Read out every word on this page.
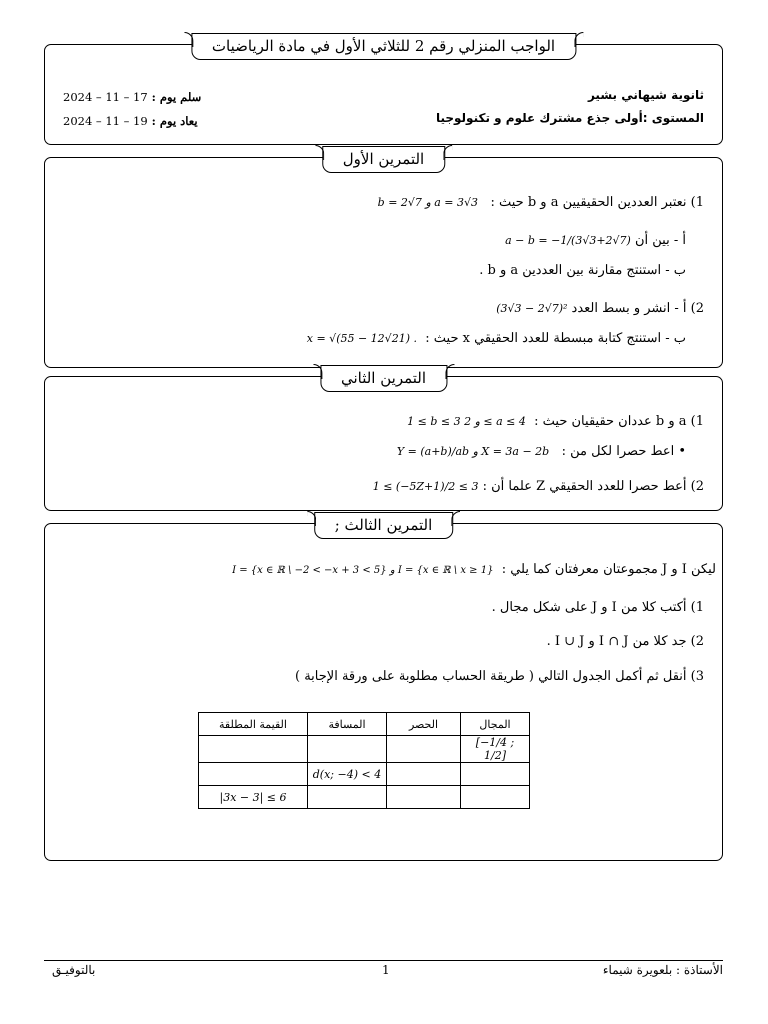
الواجب المنزلي رقم 2 للثلاثي الأول في مادة الرياضيات
ثانوية شيهاني بشير
المستوى :أولى جذع مشترك علوم و تكنولوجيا
سلم يوم : 2024 – 11 – 17
يعاد يوم : 2024 – 11 – 19
التمرين الأول
1) نعتبر العددين الحقيقيين a و b حيث :   b = 2√7 و a = 3√3
أ - بين أن a − b = −1/(3√3+2√7)
ب - استنتج مقارنة بين العددين a و b .
2) أ - انشر و بسط العدد (3√3 − 2√7)²
ب - استنتج كتابة مبسطة للعدد الحقيقي x حيث :  x = √(55 − 12√21) .
التمرين الثاني
1) a و b عددان حقيقيان حيث :  1 ≤ b ≤ 3 و 2 ≤ a ≤ 4
• اعط حصرا لكل من :   Y = (a+b)/ab و X = 3a − 2b
2) أعط حصرا للعدد الحقيقي Z علما أن : 1 ≤ (−5Z+1)/2 ≤ 3
التمرين الثالث ;
ليكن I و J مجموعتان معرفتان كما يلي :  I = {x ∈ ℝ \ −2 < −x + 3 < 5} و I = {x ∈ ℝ \ x ≥ 1}
1) أكتب كلا من I و J على شكل مجال .
2) جد كلا من I ∩ J و I ∪ J .
3) أنقل ثم أكمل الجدول التالي ( طريقة الحساب مطلوبة على ورقة الإجابة )
القيمة المطلقة	المسافة	الحصر	المجال
			[−1/4 ; 1/2]
	d(x; −4) < 4		
|3x − 3| ≤ 6			
الأستاذة : بلعويرة شيماء
1
بالتوفيـق
